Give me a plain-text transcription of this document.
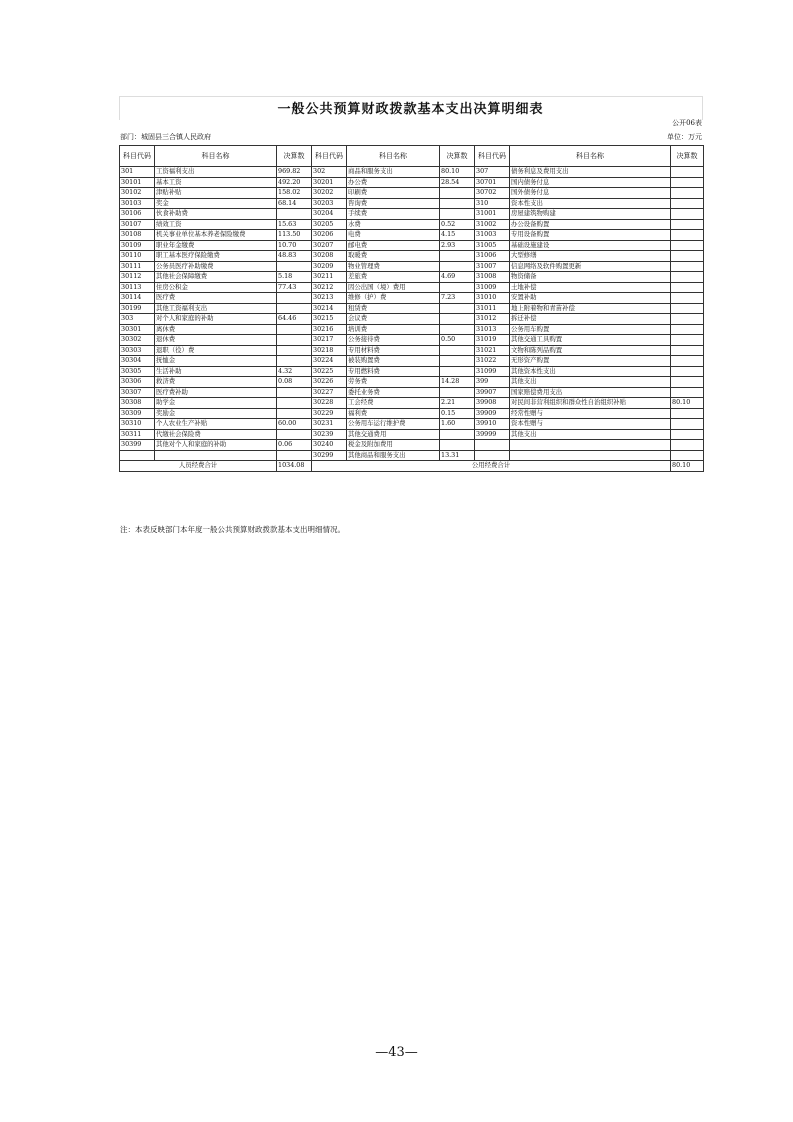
一般公共预算财政拨款基本支出决算明细表
公开06表
部门：城固县三合镇人民政府	单位：万元
科目代码	科目名称	决算数	科目代码	科目名称	决算数	科目代码	科目名称	决算数
301	工资福利支出	969.82	302	商品和服务支出	80.10	307	债务利息及费用支出	
30101	基本工资	492.20	30201	办公费	28.54	30701	国内债务付息	
30102	津贴补贴	158.02	30202	印刷费		30702	国外债务付息	
30103	奖金	68.14	30203	咨询费		310	资本性支出	
30106	伙食补助费		30204	手续费		31001	房屋建筑物购建	
30107	绩效工资	15.63	30205	水费	0.52	31002	办公设备购置	
30108	机关事业单位基本养老保险缴费	113.50	30206	电费	4.15	31003	专用设备购置	
30109	职业年金缴费	10.70	30207	邮电费	2.93	31005	基础设施建设	
30110	职工基本医疗保险缴费	48.83	30208	取暖费		31006	大型修缮	
30111	公务员医疗补助缴费		30209	物业管理费		31007	信息网络及软件购置更新	
30112	其他社会保障缴费	5.18	30211	差旅费	4.69	31008	物资储备	
30113	住房公积金	77.43	30212	因公出国（境）费用		31009	土地补偿	
30114	医疗费		30213	维修（护）费	7.23	31010	安置补助	
30199	其他工资福利支出		30214	租赁费		31011	地上附着物和青苗补偿	
303	对个人和家庭的补助	64.46	30215	会议费		31012	拆迁补偿	
30301	离休费		30216	培训费		31013	公务用车购置	
30302	退休费		30217	公务接待费	0.50	31019	其他交通工具购置	
30303	退职（役）费		30218	专用材料费		31021	文物和陈列品购置	
30304	抚恤金		30224	被装购置费		31022	无形资产购置	
30305	生活补助	4.32	30225	专用燃料费		31099	其他资本性支出	
30306	救济费	0.08	30226	劳务费	14.28	399	其他支出	
30307	医疗费补助		30227	委托业务费		39907	国家赔偿费用支出	
30308	助学金		30228	工会经费	2.21	39908	对民间非营利组织和群众性自治组织补贴	80.10
30309	奖励金		30229	福利费	0.15	39909	经常性赠与	
30310	个人农业生产补贴	60.00	30231	公务用车运行维护费	1.60	39910	资本性赠与	
30311	代缴社会保险费		30239	其他交通费用		39999	其他支出	
30399	其他对个人和家庭的补助	0.06	30240	税金及附加费用				
			30299	其他商品和服务支出	13.31			
人员经费合计		1034.08	公用经费合计					80.10
注：本表反映部门本年度一般公共预算财政拨款基本支出明细情况。
—43—
